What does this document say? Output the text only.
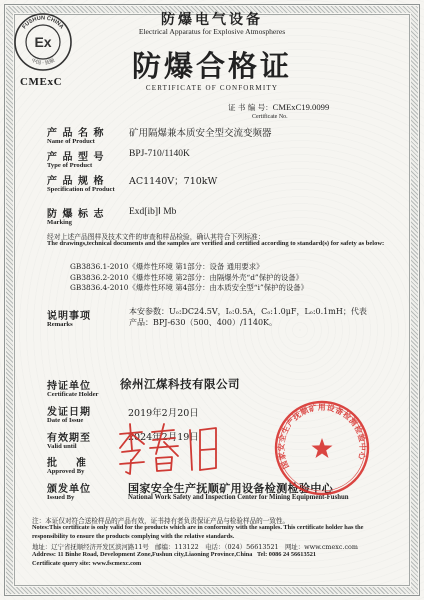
FUSHUN CHINA
中国 · 抚顺
Ex
CMExC
防爆电气设备
Electrical Apparatus for Explosive Atmospheres
防爆合格证
CERTIFICATE OF CONFORMITY
证 书 编 号：CMExC19.0099
Certificate No.
产 品 名 称
Name of Product
矿用隔爆兼本质安全型交流变频器
产 品 型 号
Type of Product
BPJ-710/1140K
产 品 规 格
Specification of Product
AC1140V；710kW
防 爆 标 志
Marking
Exd[ib]Ⅰ Mb
经对上述产品图样及技术文件的审查和样品检验，确认其符合下列标准：
The drawings,technical documents and the samples are verified and certified according to standard(s) for safety as below:
GB3836.1-2010《爆炸性环境 第1部分：设备 通用要求》
GB3836.2-2010《爆炸性环境 第2部分：由隔爆外壳“d”保护的设备》
GB3836.4-2010《爆炸性环境 第4部分：由本质安全型“i”保护的设备》
说明事项
Remarks
本安参数：Uₒ:DC24.5V，Iₒ:0.5A，Cₒ:1.0μF，Lₒ:0.1mH；代表
产品：BPJ-630（500、400）/1140K。
持证单位
Certificate Holder
徐州江煤科技有限公司
发证日期
Date of Issue
2019年2月20日
有效期至
Valid until
2024年2月19日
批    准
Approved By
颁发单位
Issued By
国家安全生产抚顺矿用设备检测检验中心
National Work Safety and Inspection Center for Mining Equipment-Fushun
国家安全生产抚顺矿用设备检测检验中心
注：本证仅对符合送检样品的产品有效，证书持有者负责保证产品与检验样品的一致性。
Notes:This certificate is only valid for the products which are in conformity with the samples. This certificate holder has the responsibility to ensure the products complying with the relative standards.
地址：辽宁省抚顺经济开发区滨河路11号　邮编：113122　电话：（024）56613521　网址：www.cmexc.com
Address: 11 Binhe Road, Development Zone,Fushun city,Liaoning Province,China   Tel: 0086 24 56613521
Certificate query site: www.fscmexc.com
